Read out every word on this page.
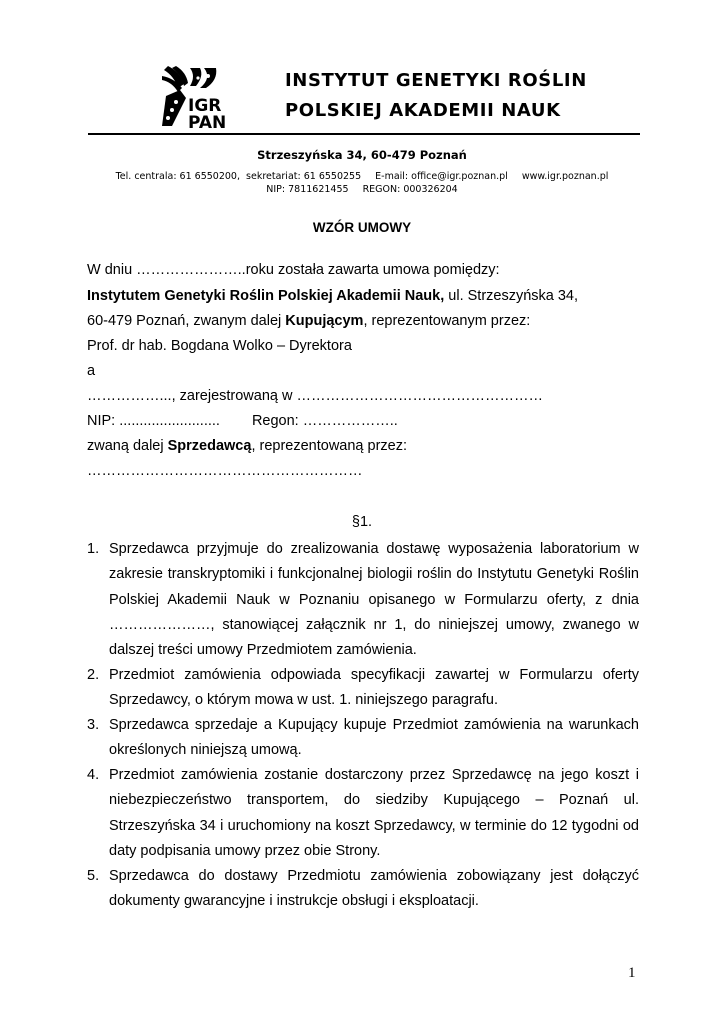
IGR
PAN
INSTYTUT GENETYKI ROŚLIN
POLSKIEJ AKADEMII NAUK
Strzeszyńska 34, 60-479 Poznań
Tel. centrala: 61 6550200,  sekretariat: 61 6550255 E-mail: office@igr.poznan.pl www.igr.poznan.pl
NIP: 7811621455 REGON: 000326204
WZÓR UMOWY
W dniu …………………..roku została zawarta umowa pomiędzy:
Instytutem Genetyki Roślin Polskiej Akademii Nauk, ul. Strzeszyńska 34,
60-479 Poznań, zwanym dalej Kupującym, reprezentowanym przez:
Prof. dr hab. Bogdana Wolko – Dyrektora
a
……………..., zarejestrowaną w ……………………………………………
NIP: ......................... Regon: ………………..
zwaną dalej Sprzedawcą, reprezentowaną przez:
…………………………………………………
§1.
1. Sprzedawca przyjmuje do zrealizowania dostawę wyposażenia laboratorium w zakresie transkryptomiki i funkcjonalnej biologii roślin do Instytutu Genetyki Roślin Polskiej Akademii Nauk w Poznaniu opisanego w Formularzu oferty, z dnia …………………, stanowiącej załącznik nr 1, do niniejszej umowy, zwanego w dalszej treści umowy Przedmiotem zamówienia.
2. Przedmiot zamówienia odpowiada specyfikacji zawartej w Formularzu oferty Sprzedawcy, o którym mowa w ust. 1. niniejszego paragrafu.
3. Sprzedawca sprzedaje a Kupujący kupuje Przedmiot zamówienia na warunkach określonych niniejszą umową.
4. Przedmiot zamówienia zostanie dostarczony przez Sprzedawcę na jego koszt i niebezpieczeństwo transportem, do siedziby Kupującego – Poznań ul. Strzeszyńska 34 i uruchomiony na koszt Sprzedawcy, w terminie do 12 tygodni od daty podpisania umowy przez obie Strony.
5. Sprzedawca do dostawy Przedmiotu zamówienia zobowiązany jest dołączyć dokumenty gwarancyjne i instrukcje obsługi i eksploatacji.
1
